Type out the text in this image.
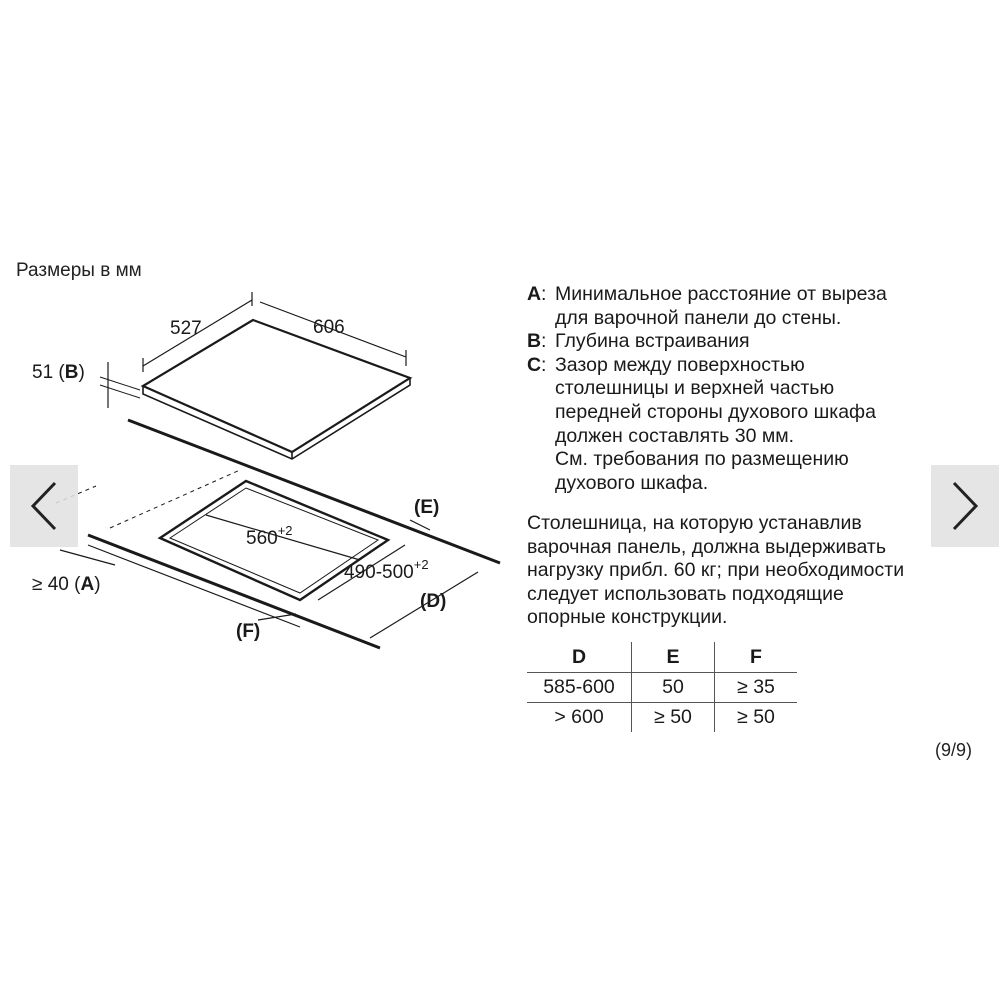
Размеры в мм
527	606
51 (B)
$560^{+2}$
$490-500^{+2}$
(E)
(D)
(F)
≥ 40 (A)
A : Минимальное расстояние от выреза
для варочной панели до стены.
B : Глубина встраивания
C : Зазор между поверхностью
столешницы и верхней частью
передней стороны духового шкафа
должен составлять 30 мм.
См. требования по размещению
духового шкафа.
Столешница, на которую устанавлив
варочная панель, должна выдерживать
нагрузку прибл. 60 кг; при необходимости
следует использовать подходящие
опорные конструкции.
D	E	F
585-600	50	≥ 35
> 600	≥ 50	≥ 50
(9/9)
